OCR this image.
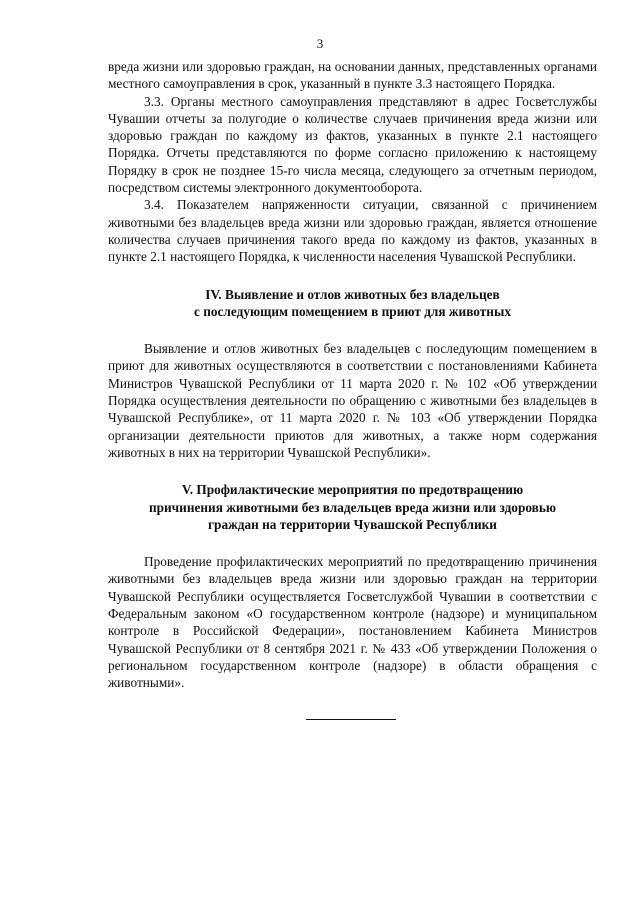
3

вреда жизни или здоровью граждан, на основании данных, представленных органами местного самоуправления в срок, указанный в пункте 3.3 настоящего Порядка.

3.3. Органы местного самоуправления представляют в адрес Госветслужбы Чувашии отчеты за полугодие о количестве случаев причинения вреда жизни или здоровью граждан по каждому из фактов, указанных в пункте 2.1 настоящего Порядка. Отчеты представляются по форме согласно приложению к настоящему Порядку в срок не позднее 15-го числа месяца, следующего за отчетным периодом, посредством системы электронного документооборота.

3.4. Показателем напряженности ситуации, связанной с причинением животными без владельцев вреда жизни или здоровью граждан, является отношение количества случаев причинения такого вреда по каждому из фактов, указанных в пункте 2.1 настоящего Порядка, к численности населения Чувашской Республики.

IV. Выявление и отлов животных без владельцев
с последующим помещением в приют для животных

Выявление и отлов животных без владельцев с последующим помещением в приют для животных осуществляются в соответствии с постановлениями Кабинета Министров Чувашской Республики от 11 марта 2020 г. № 102 «Об утверждении Порядка осуществления деятельности по обращению с животными без владельцев в Чувашской Республике», от 11 марта 2020 г. № 103 «Об утверждении Порядка организации деятельности приютов для животных, а также норм содержания животных в них на территории Чувашской Республики».

V. Профилактические мероприятия по предотвращению
причинения животными без владельцев вреда жизни или здоровью
граждан на территории Чувашской Республики

Проведение профилактических мероприятий по предотвращению причинения животными без владельцев вреда жизни или здоровью граждан на территории Чувашской Республики осуществляется Госветслужбой Чувашии в соответствии с Федеральным законом «О государственном контроле (надзоре) и муниципальном контроле в Российской Федерации», постановлением Кабинета Министров Чувашской Республики от 8 сентября 2021 г. № 433 «Об утверждении Положения о региональном государственном контроле (надзоре) в области обращения с животными».
